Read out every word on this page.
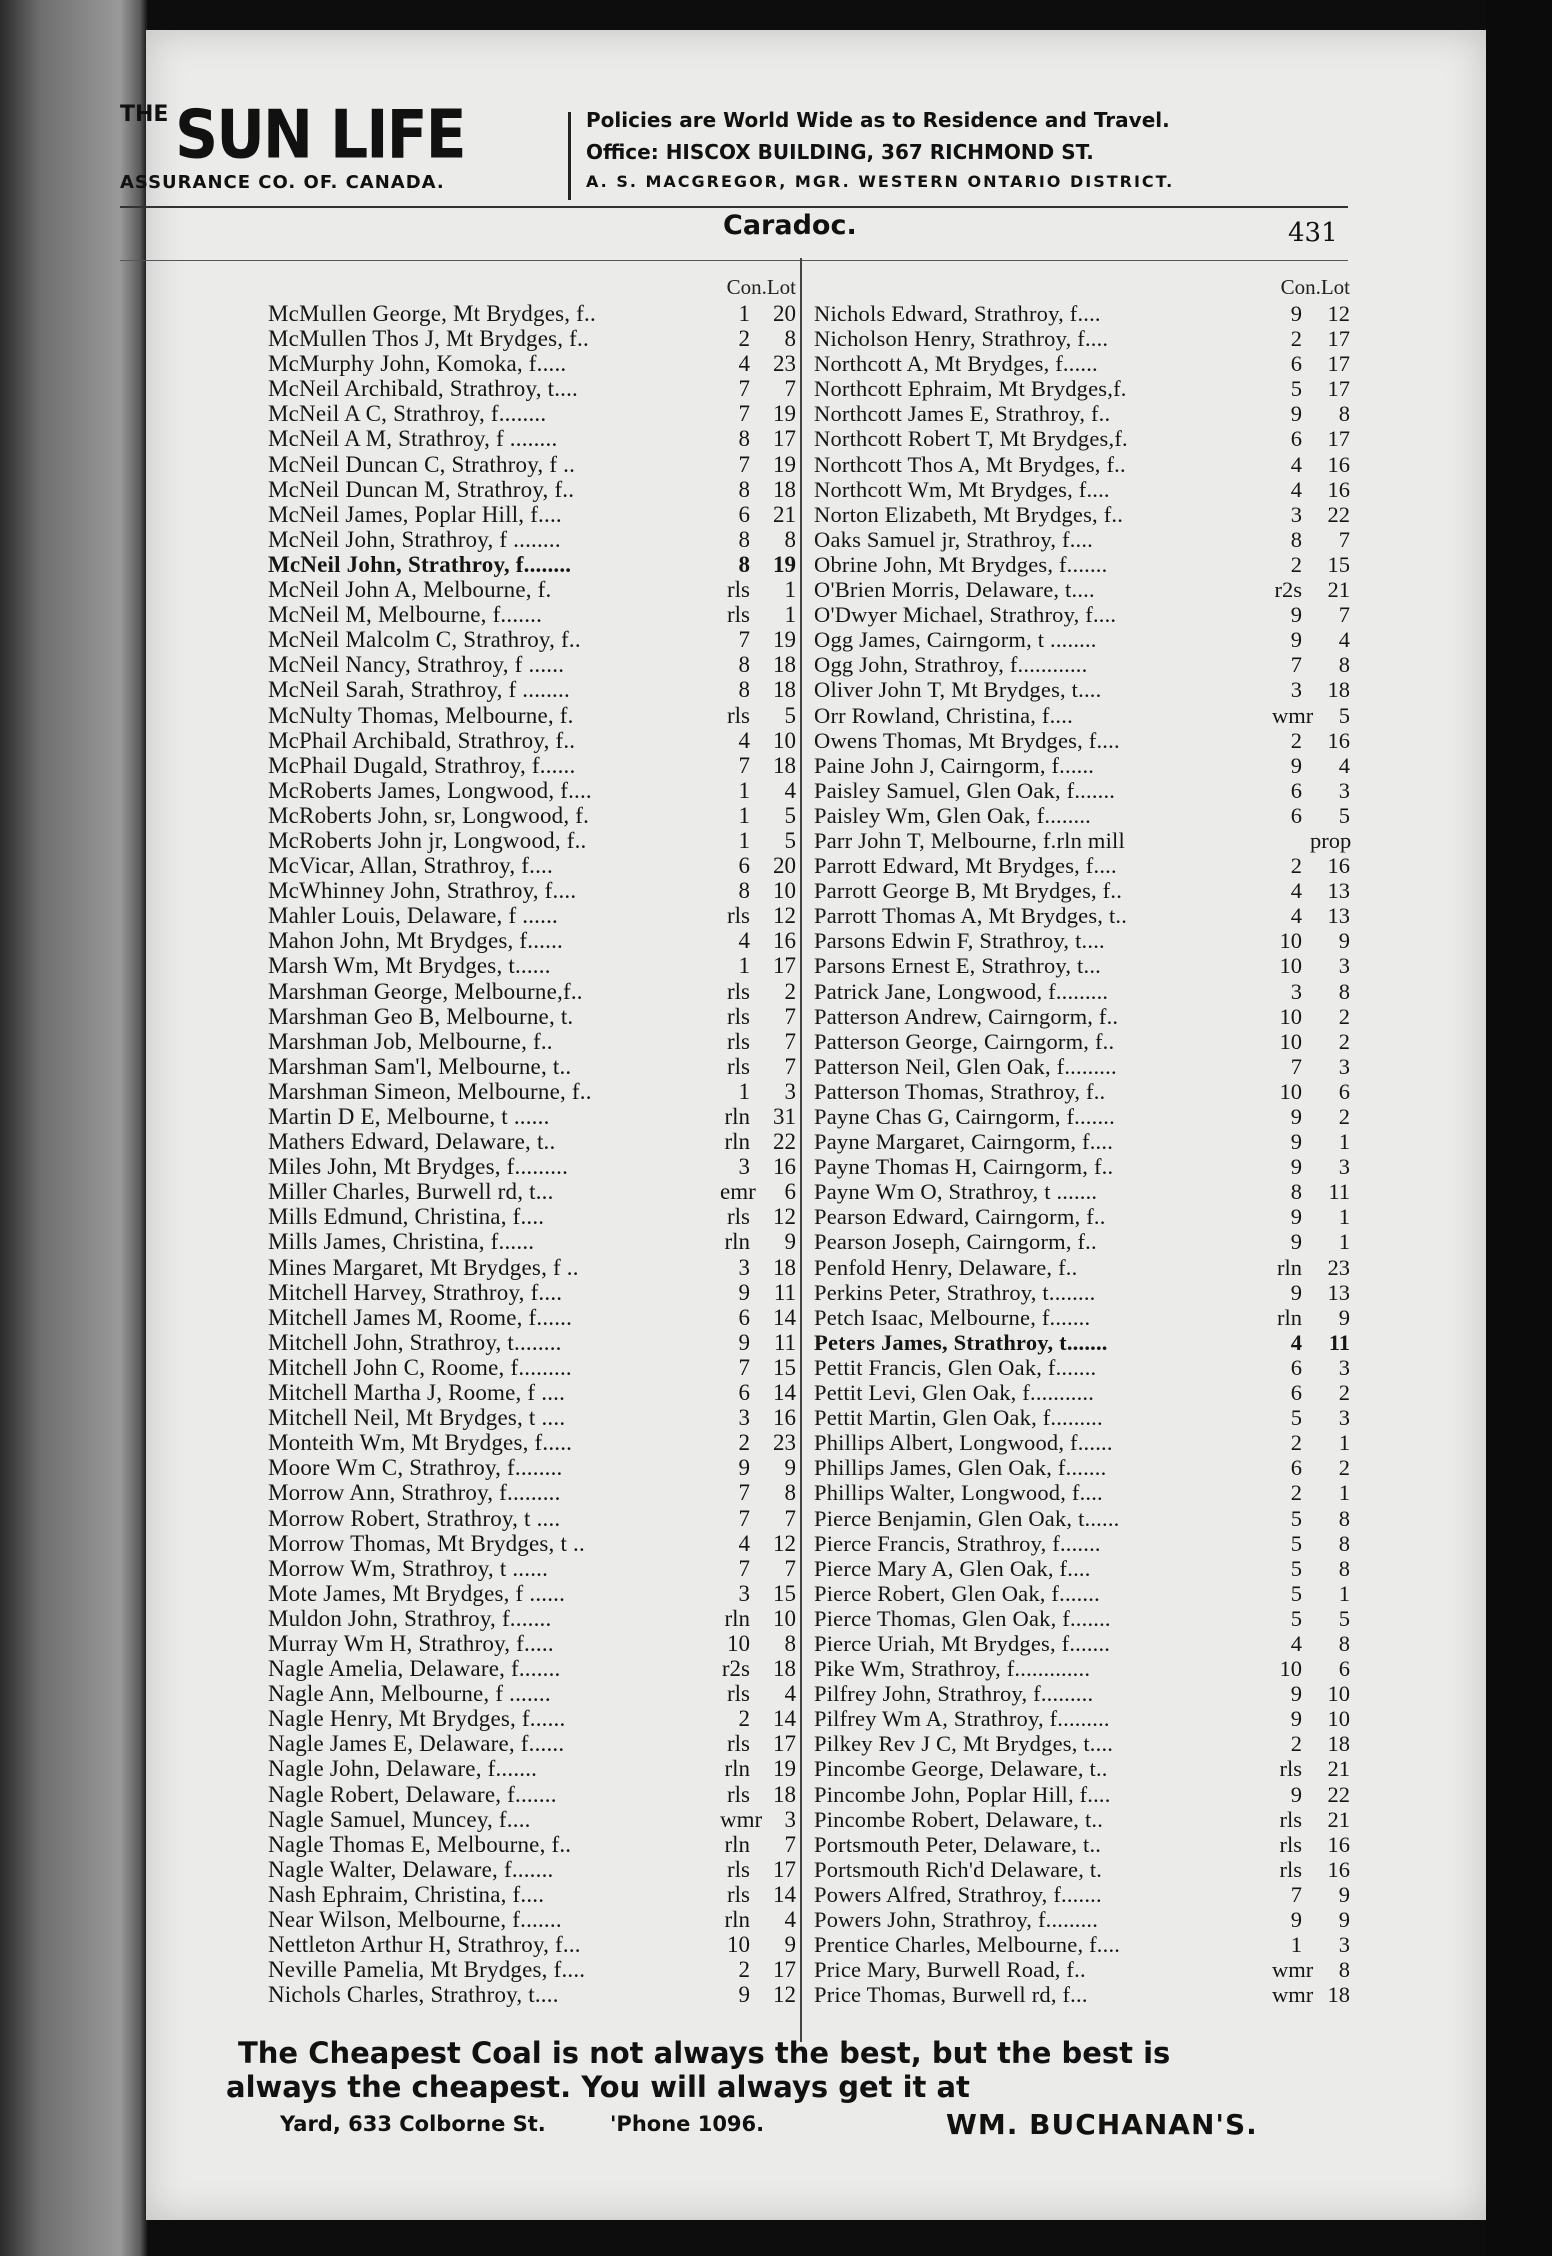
THE SUN LIFE
ASSURANCE CO. OF. CANADA.
Policies are World Wide as to Residence and Travel.
Office: HISCOX BUILDING, 367 RICHMOND ST.
A. S. MACGREGOR, MGR. WESTERN ONTARIO DISTRICT.
Caradoc.	431
Con.Lot
McMullen George, Mt Brydges, f..	1	20
McMullen Thos J, Mt Brydges, f..	2	8
McMurphy John, Komoka, f.....	4	23
McNeil Archibald, Strathroy, t....	7	7
McNeil A C, Strathroy, f........	7	19
McNeil A M, Strathroy, f ........	8	17
McNeil Duncan C, Strathroy, f ..	7	19
McNeil Duncan M, Strathroy, f..	8	18
McNeil James, Poplar Hill, f....	6	21
McNeil John, Strathroy, f ........	8	8
McNeil John, Strathroy, f........	8	19
McNeil John A, Melbourne, f.	rls	1
McNeil M, Melbourne, f.......	rls	1
McNeil Malcolm C, Strathroy, f..	7	19
McNeil Nancy, Strathroy, f ......	8	18
McNeil Sarah, Strathroy, f ........	8	18
McNulty Thomas, Melbourne, f.	rls	5
McPhail Archibald, Strathroy, f..	4	10
McPhail Dugald, Strathroy, f......	7	18
McRoberts James, Longwood, f....	1	4
McRoberts John, sr, Longwood, f.	1	5
McRoberts John jr, Longwood, f..	1	5
McVicar, Allan, Strathroy, f....	6	20
McWhinney John, Strathroy, f....	8	10
Mahler Louis, Delaware, f ......	rls	12
Mahon John, Mt Brydges, f......	4	16
Marsh Wm, Mt Brydges, t......	1	17
Marshman George, Melbourne,f..	rls	2
Marshman Geo B, Melbourne, t.	rls	7
Marshman Job, Melbourne, f..	rls	7
Marshman Sam'l, Melbourne, t..	rls	7
Marshman Simeon, Melbourne, f..	1	3
Martin D E, Melbourne, t ......	rln	31
Mathers Edward, Delaware, t..	rln	22
Miles John, Mt Brydges, f.........	3	16
Miller Charles, Burwell rd, t...	emr	6
Mills Edmund, Christina, f....	rls	12
Mills James, Christina, f......	rln	9
Mines Margaret, Mt Brydges, f ..	3	18
Mitchell Harvey, Strathroy, f....	9	11
Mitchell James M, Roome, f......	6	14
Mitchell John, Strathroy, t........	9	11
Mitchell John C, Roome, f.........	7	15
Mitchell Martha J, Roome, f ....	6	14
Mitchell Neil, Mt Brydges, t ....	3	16
Monteith Wm, Mt Brydges, f.....	2	23
Moore Wm C, Strathroy, f........	9	9
Morrow Ann, Strathroy, f.........	7	8
Morrow Robert, Strathroy, t ....	7	7
Morrow Thomas, Mt Brydges, t ..	4	12
Morrow Wm, Strathroy, t ......	7	7
Mote James, Mt Brydges, f ......	3	15
Muldon John, Strathroy, f.......	rln	10
Murray Wm H, Strathroy, f.....	10	8
Nagle Amelia, Delaware, f.......	r2s	18
Nagle Ann, Melbourne, f .......	rls	4
Nagle Henry, Mt Brydges, f......	2	14
Nagle James E, Delaware, f......	rls	17
Nagle John, Delaware, f.......	rln	19
Nagle Robert, Delaware, f.......	rls	18
Nagle Samuel, Muncey, f....	wmr 3
Nagle Thomas E, Melbourne, f..	rln	7
Nagle Walter, Delaware, f.......	rls	17
Nash Ephraim, Christina, f....	rls	14
Near Wilson, Melbourne, f.......	rln	4
Nettleton Arthur H, Strathroy, f...	10	9
Neville Pamelia, Mt Brydges, f....	2	17
Nichols Charles, Strathroy, t....	9	12
Con.Lot
Nichols Edward, Strathroy, f....	9	12
Nicholson Henry, Strathroy, f....	2	17
Northcott A, Mt Brydges, f......	6	17
Northcott Ephraim, Mt Brydges,f.	5	17
Northcott James E, Strathroy, f..	9	8
Northcott Robert T, Mt Brydges,f.	6	17
Northcott Thos A, Mt Brydges, f..	4	16
Northcott Wm, Mt Brydges, f....	4	16
Norton Elizabeth, Mt Brydges, f..	3	22
Oaks Samuel jr, Strathroy, f....	8	7
Obrine John, Mt Brydges, f.......	2	15
O'Brien Morris, Delaware, t....	r2s	21
O'Dwyer Michael, Strathroy, f....	9	7
Ogg James, Cairngorm, t ........	9	4
Ogg John, Strathroy, f............	7	8
Oliver John T, Mt Brydges, t....	3	18
Orr Rowland, Christina, f....	wmr	5
Owens Thomas, Mt Brydges, f....	2	16
Paine John J, Cairngorm, f......	9	4
Paisley Samuel, Glen Oak, f.......	6	3
Paisley Wm, Glen Oak, f........	6	5
Parr John T, Melbourne, f.rln mill	prop
Parrott Edward, Mt Brydges, f....	2	16
Parrott George B, Mt Brydges, f..	4	13
Parrott Thomas A, Mt Brydges, t..	4	13
Parsons Edwin F, Strathroy, t....	10	9
Parsons Ernest E, Strathroy, t...	10	3
Patrick Jane, Longwood, f.........	3	8
Patterson Andrew, Cairngorm, f..	10	2
Patterson George, Cairngorm, f..	10	2
Patterson Neil, Glen Oak, f.........	7	3
Patterson Thomas, Strathroy, f..	10	6
Payne Chas G, Cairngorm, f.......	9	2
Payne Margaret, Cairngorm, f....	9	1
Payne Thomas H, Cairngorm, f..	9	3
Payne Wm O, Strathroy, t .......	8	11
Pearson Edward, Cairngorm, f..	9	1
Pearson Joseph, Cairngorm, f..	9	1
Penfold Henry, Delaware, f..	rln	23
Perkins Peter, Strathroy, t........	9	13
Petch Isaac, Melbourne, f.......	rln	9
Peters James, Strathroy, t.......	4	11
Pettit Francis, Glen Oak, f.......	6	3
Pettit Levi, Glen Oak, f...........	6	2
Pettit Martin, Glen Oak, f.........	5	3
Phillips Albert, Longwood, f......	2	1
Phillips James, Glen Oak, f.......	6	2
Phillips Walter, Longwood, f....	2	1
Pierce Benjamin, Glen Oak, t......	5	8
Pierce Francis, Strathroy, f.......	5	8
Pierce Mary A, Glen Oak, f....	5	8
Pierce Robert, Glen Oak, f.......	5	1
Pierce Thomas, Glen Oak, f.......	5	5
Pierce Uriah, Mt Brydges, f.......	4	8
Pike Wm, Strathroy, f.............	10	6
Pilfrey John, Strathroy, f.........	9	10
Pilfrey Wm A, Strathroy, f.........	9	10
Pilkey Rev J C, Mt Brydges, t....	2	18
Pincombe George, Delaware, t..	rls	21
Pincombe John, Poplar Hill, f....	9	22
Pincombe Robert, Delaware, t..	rls	21
Portsmouth Peter, Delaware, t..	rls	16
Portsmouth Rich'd Delaware, t.	rls	16
Powers Alfred, Strathroy, f.......	7	9
Powers John, Strathroy, f.........	9	9
Prentice Charles, Melbourne, f....	1	3
Price Mary, Burwell Road, f..	wmr	8
Price Thomas, Burwell rd, f...	wmr 18
The Cheapest Coal is not always the best, but the best is
always the cheapest. You will always get it at
Yard, 633 Colborne St.	'Phone 1096.	WM. BUCHANAN'S.
